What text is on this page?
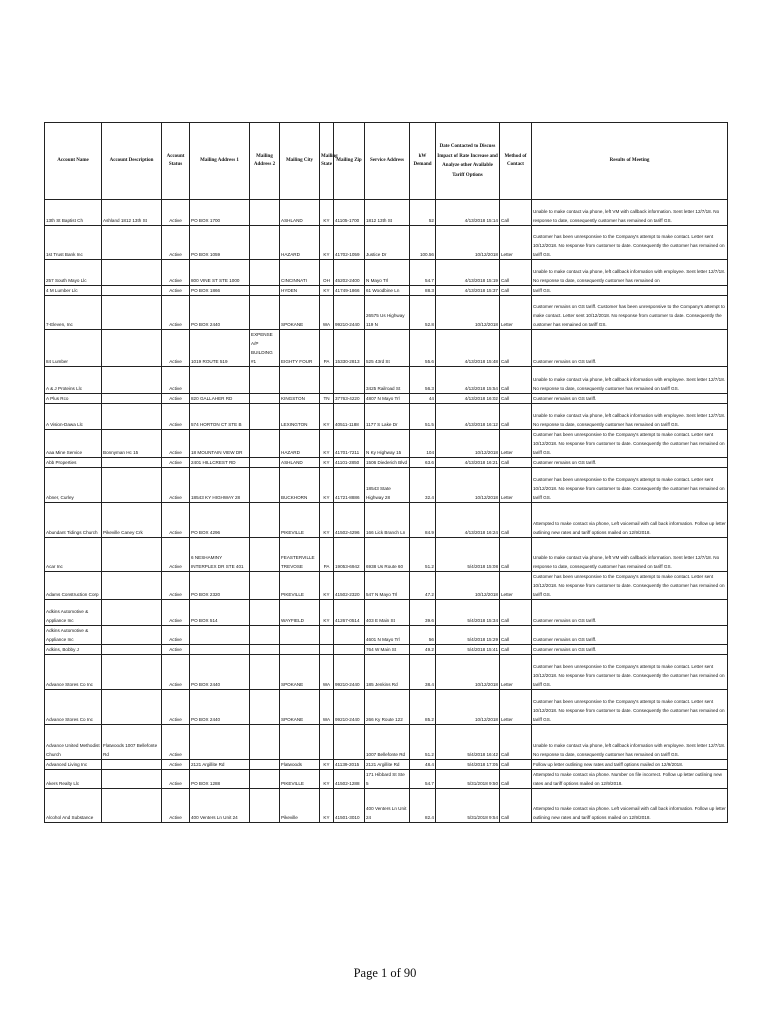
Account Name	Account Description	Account Status	Mailing Address 1	Mailing Address 2	Mailing City	Mailing State	Mailing Zip	Service Address	kW Demand	Date Contacted to Discuss Impact of Rate Increase and Analyze other Available Tariff Options	Method of Contact	Results of Meeting
13th St Baptist Ch	Ashland 1812 13th St	Active	PO BOX 1700		ASHLAND	KY	41105-1700	1812 13th St	52	4/13/2018 15:14	Call	Unable to make contact via phone, left VM with callback information. Sent letter 12/7/18. No response to date, consequently customer has remained on tariff GS.
1st Trust Bank Inc		Active	PO BOX 1059		HAZARD	KY	41702-1059	Justice Dr	100.56	10/12/2018	Letter	Customer has been unresponsive to the Company's attempt to make contact. Letter sent 10/12/2018. No response from customer to date. Consequently the customer has remained on tariff GS.
257 South Mayo Llc		Active	800 VINE ST STE 1000		CINCINNATI	OH	45202-2400	N Mayo Trl	54.7	4/13/2018 15:19	Call	Unable to make contact via phone, left callback information with employee. Sent letter 12/7/18. No response to date, consequently customer has remained on
4 M Lumber Llc		Active	PO BOX 1866		HYDEN	KY	41749-1866	61 Woodbine Ln	88.3	4/13/2018 15:37	Call	tariff GS.
7-Eleven, Inc		Active	PO BOX 2440		SPOKANE	WA	99210-2440	26575 Us Highway 119 N	52.8	10/12/2018	Letter	Customer remains on GS tariff. Customer has been unresponsive to the Company's attempt to make contact. Letter sent 10/12/2018. No response from customer to date. Consequently the customer has remained on tariff GS.
84 Lumber		Active	1019 ROUTE 519	EXPENSE A/P BUILDING #1	EIGHTY FOUR	PA	15330-2813	525 43rd St	55.6	4/13/2018 15:48	Call	Customer remains on GS tariff.
A & J Proteins Llc		Active						3425 Railroad St	56.3	4/13/2018 15:54	Call	Unable to make contact via phone, left callback information with employee. Sent letter 12/7/18. No response to date, consequently customer has remained on tariff GS.
A Plus Rco		Active	820 GALLAHER RD		KINGSTON	TN	37763-4220	4807 N Mayo Trl	44	4/13/2018 16:02	Call	Customer remains on GS tariff.
A Vision-Dawa Llc		Active	574 HORTON CT STE B		LEXINGTON	KY	40511-1188	1177 S Lake Dr	51.5	4/13/2018 16:12	Call	Unable to make contact via phone, left callback information with employee. Sent letter 12/7/18. No response to date, consequently customer has remained on tariff GS.
Aaa Mine Service	Bonnyman Hc 15	Active	18 MOUNTAIN VIEW DR		HAZARD	KY	41701-7211	N Ky Highway 15	104	10/12/2018	Letter	Customer has been unresponsive to the Company's attempt to make contact. Letter sent 10/12/2018. No response from customer to date. Consequently the customer has remained on tariff GS.
Abb Properties		Active	2401 HILLCREST RD		ASHLAND	KY	41101-2850	1506 Diederich Blvd	63.6	4/13/2018 16:21	Call	Customer remains on GS tariff.
Abner, Curley		Active	18543 KY HIGHWAY 28		BUCKHORN	KY	41721-8886	18543 State Highway 28	32.4	10/12/2018	Letter	Customer has been unresponsive to the Company's attempt to make contact. Letter sent 10/12/2018. No response from customer to date. Consequently the customer has remained on tariff GS.
Abundant Tidings Church	Pikeville Caney Crk	Active	PO BOX 4296		PIKEVILLE	KY	41502-4296	166 Lick Branch Ln	84.9	4/13/2018 16:24	Call	Attempted to make contact via phone, Left voicemail with call back information. Follow up letter outlining new rates and tariff options mailed on 12/9/2018.
Acar Inc		Active	6 NESHAMINY INTERPLEX DR STE 401		FEASTERVILLE TREVOSE	PA	19053-6942	6938 Us Route 60	51.2	5/4/2018 15:08	Call	Unable to make contact via phone, left VM with callback information. Sent letter 12/7/18. No response to date, consequently customer has remained on tariff GS.
Adams Construction Corp		Active	PO BOX 2320		PIKEVILLE	KY	41502-2320	547 N Mayo Trl	47.2	10/12/2018	Letter	Customer has been unresponsive to the Company's attempt to make contact. Letter sent 10/12/2018. No response from customer to date. Consequently the customer has remained on tariff GS.
Adkins Automotive & Appliance Inc		Active	PO BOX 514		WAYFIELD	KY	41267-0514	403 E Main St	39.6	5/4/2018 15:34	Call	Customer remains on GS tariff.
Adkins Automotive & Appliance Inc		Active						4601 N Mayo Trl	56	5/4/2018 15:29	Call	Customer remains on GS tariff.
Adkins, Bobby J		Active						764 W Main St	49.2	5/4/2018 15:41	Call	Customer remains on GS tariff.
Advance Stores Co Inc		Active	PO BOX 2440		SPOKANE	WA	99210-2440	185 Jenkins Rd	38.4	10/12/2018	Letter	Customer has been unresponsive to the Company's attempt to make contact. Letter sent 10/12/2018. No response from customer to date. Consequently the customer has remained on tariff GS.
Advance Stores Co Inc		Active	PO BOX 2440		SPOKANE	WA	99210-2440	266 Ky Route 122	85.2	10/12/2018	Letter	Customer has been unresponsive to the Company's attempt to make contact. Letter sent 10/12/2018. No response from customer to date. Consequently the customer has remained on tariff GS.
Advance United Methodist Church	Flatwoods 1007 Bellefonte Rd	Active						1007 Bellefonte Rd	51.2	5/4/2018 16:42	Call	Unable to make contact via phone, left callback information with employee. Sent letter 12/7/18. No response to date, consequently customer has remained on tariff GS.
Advanced Living Inc		Active	2121 Argillite Rd		Flatwoods	KY	41139-2015	2121 Argillite Rd	48.4	5/4/2018 17:05	Call	Follow up letter outlining new rates and tariff options mailed on 12/9/2018.
Akers Realty Llc		Active	PO BOX 1288		PIKEVILLE	KY	41502-1288	171 Hibbard St Ste 5	54.7	5/31/2018 9:50	Call	Attempted to make contact via phone. Number on file incorrect. Follow up letter outlining new rates and tariff options mailed on 12/9/2018.
Alcohol And Substance		Active	400 Venters Ln Unit 24		Pikeville	KY	41501-3010	400 Venters Ln Unit 24	82.4	5/31/2018 9:54	Call	Attempted to make contact via phone. Left voicemail with call back information. Follow up letter outlining new rates and tariff options mailed on 12/9/2018.
Page 1 of 90
